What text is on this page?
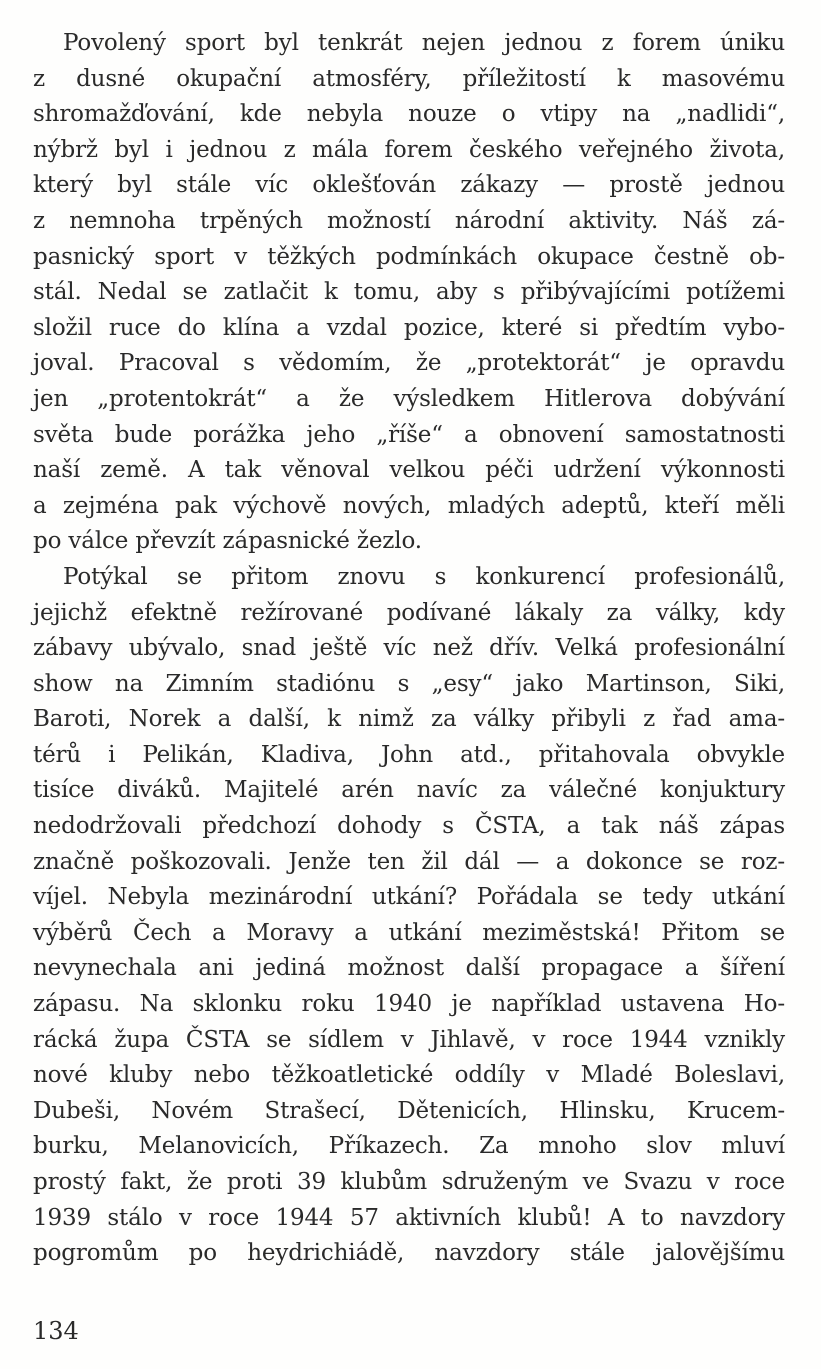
Povolený sport byl tenkrát nejen jednou z forem úniku
z dusné okupační atmosféry, příležitostí k masovému
shromažďování, kde nebyla nouze o vtipy na „nadlidi“,
nýbrž byl i jednou z mála forem českého veřejného života,
který byl stále víc oklešťován zákazy — prostě jednou
z nemnoha trpěných možností národní aktivity. Náš zá-
pasnický sport v těžkých podmínkách okupace čestně ob-
stál. Nedal se zatlačit k tomu, aby s přibývajícími potížemi
složil ruce do klína a vzdal pozice, které si předtím vybo-
joval. Pracoval s vědomím, že „protektorát“ je opravdu
jen „protentokrát“ a že výsledkem Hitlerova dobývání
světa bude porážka jeho „říše“ a obnovení samostatnosti
naší země. A tak věnoval velkou péči udržení výkonnosti
a zejména pak výchově nových, mladých adeptů, kteří měli
po válce převzít zápasnické žezlo.
Potýkal se přitom znovu s konkurencí profesionálů,
jejichž efektně režírované podívané lákaly za války, kdy
zábavy ubývalo, snad ještě víc než dřív. Velká profesionální
show na Zimním stadiónu s „esy“ jako Martinson, Siki,
Baroti, Norek a další, k nimž za války přibyli z řad ama-
térů i Pelikán, Kladiva, John atd., přitahovala obvykle
tisíce diváků. Majitelé arén navíc za válečné konjuktury
nedodržovali předchozí dohody s ČSTA, a tak náš zápas
značně poškozovali. Jenže ten žil dál — a dokonce se roz-
víjel. Nebyla mezinárodní utkání? Pořádala se tedy utkání
výběrů Čech a Moravy a utkání meziměstská! Přitom se
nevynechala ani jediná možnost další propagace a šíření
zápasu. Na sklonku roku 1940 je například ustavena Ho-
rácká župa ČSTA se sídlem v Jihlavě, v roce 1944 vznikly
nové kluby nebo těžkoatletické oddíly v Mladé Boleslavi,
Dubeši, Novém Strašecí, Dětenicích, Hlinsku, Krucem-
burku, Melanovicích, Příkazech. Za mnoho slov mluví
prostý fakt, že proti 39 klubům sdruženým ve Svazu v roce
1939 stálo v roce 1944 57 aktivních klubů! A to navzdory
pogromům po heydrichiádě, navzdory stále jalovějšímu
134
